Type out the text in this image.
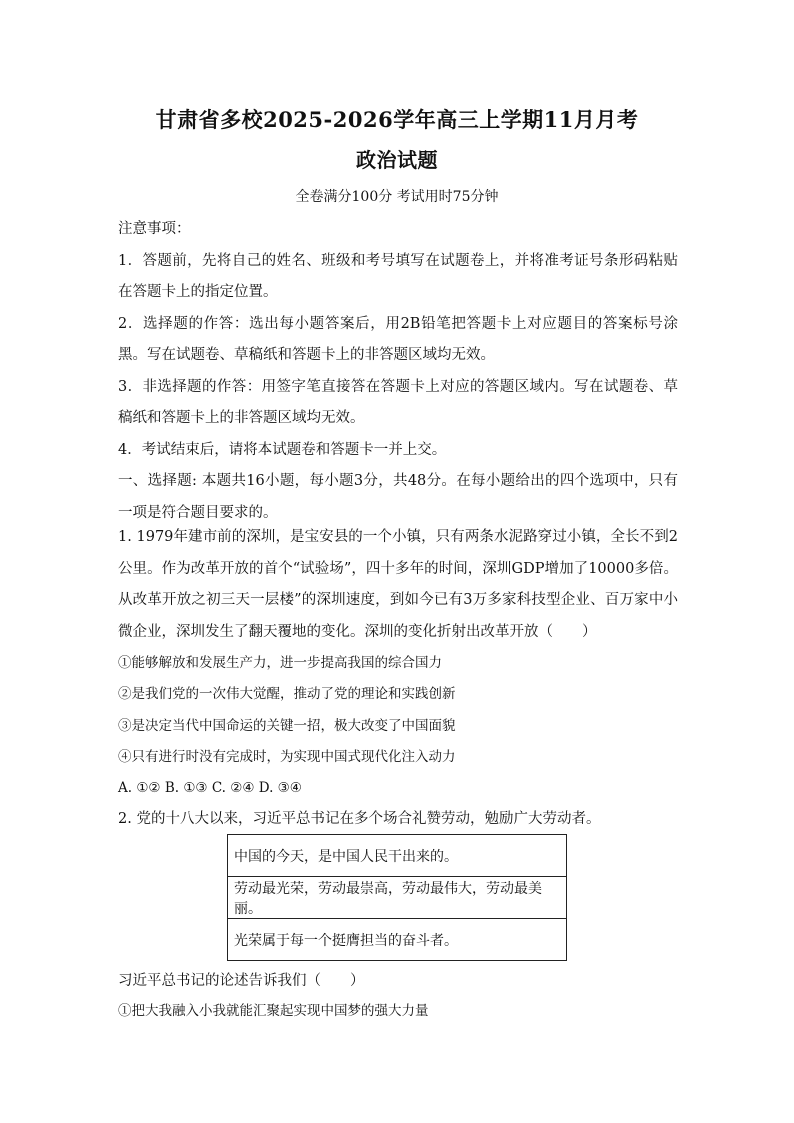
甘肃省多校2025-2026学年高三上学期11月月考
政治试题
全卷满分100分 考试用时75分钟

注意事项：

1．答题前，先将自己的姓名、班级和考号填写在试题卷上，并将准考证号条形码粘贴在答题卡上的指定位置。

2．选择题的作答：选出每小题答案后，用2B铅笔把答题卡上对应题目的答案标号涂黑。写在试题卷、草稿纸和答题卡上的非答题区域均无效。

3．非选择题的作答：用签字笔直接答在答题卡上对应的答题区域内。写在试题卷、草稿纸和答题卡上的非答题区域均无效。

4．考试结束后，请将本试题卷和答题卡一并上交。

一、选择题: 本题共16小题，每小题3分，共48分。在每小题给出的四个选项中，只有一项是符合题目要求的。

1. 1979年建市前的深圳，是宝安县的一个小镇，只有两条水泥路穿过小镇，全长不到2公里。作为改革开放的首个“试验场”，四十多年的时间，深圳GDP增加了10000多倍。从改革开放之初三天一层楼”的深圳速度，到如今已有3万多家科技型企业、百万家中小微企业，深圳发生了翻天覆地的变化。深圳的变化折射出改革开放（　　）

①能够解放和发展生产力，进一步提高我国的综合国力
②是我们党的一次伟大觉醒，推动了党的理论和实践创新
③是决定当代中国命运的关键一招，极大改变了中国面貌
④只有进行时没有完成时，为实现中国式现代化注入动力
A. ①② B. ①③ C. ②④ D. ③④
2. 党的十八大以来，习近平总书记在多个场合礼赞劳动，勉励广大劳动者。
中国的今天，是中国人民干出来的。
劳动最光荣，劳动最崇高，劳动最伟大，劳动最美丽。
光荣属于每一个挺膺担当的奋斗者。
习近平总书记的论述告诉我们（　　）
①把大我融入小我就能汇聚起实现中国梦的强大力量
